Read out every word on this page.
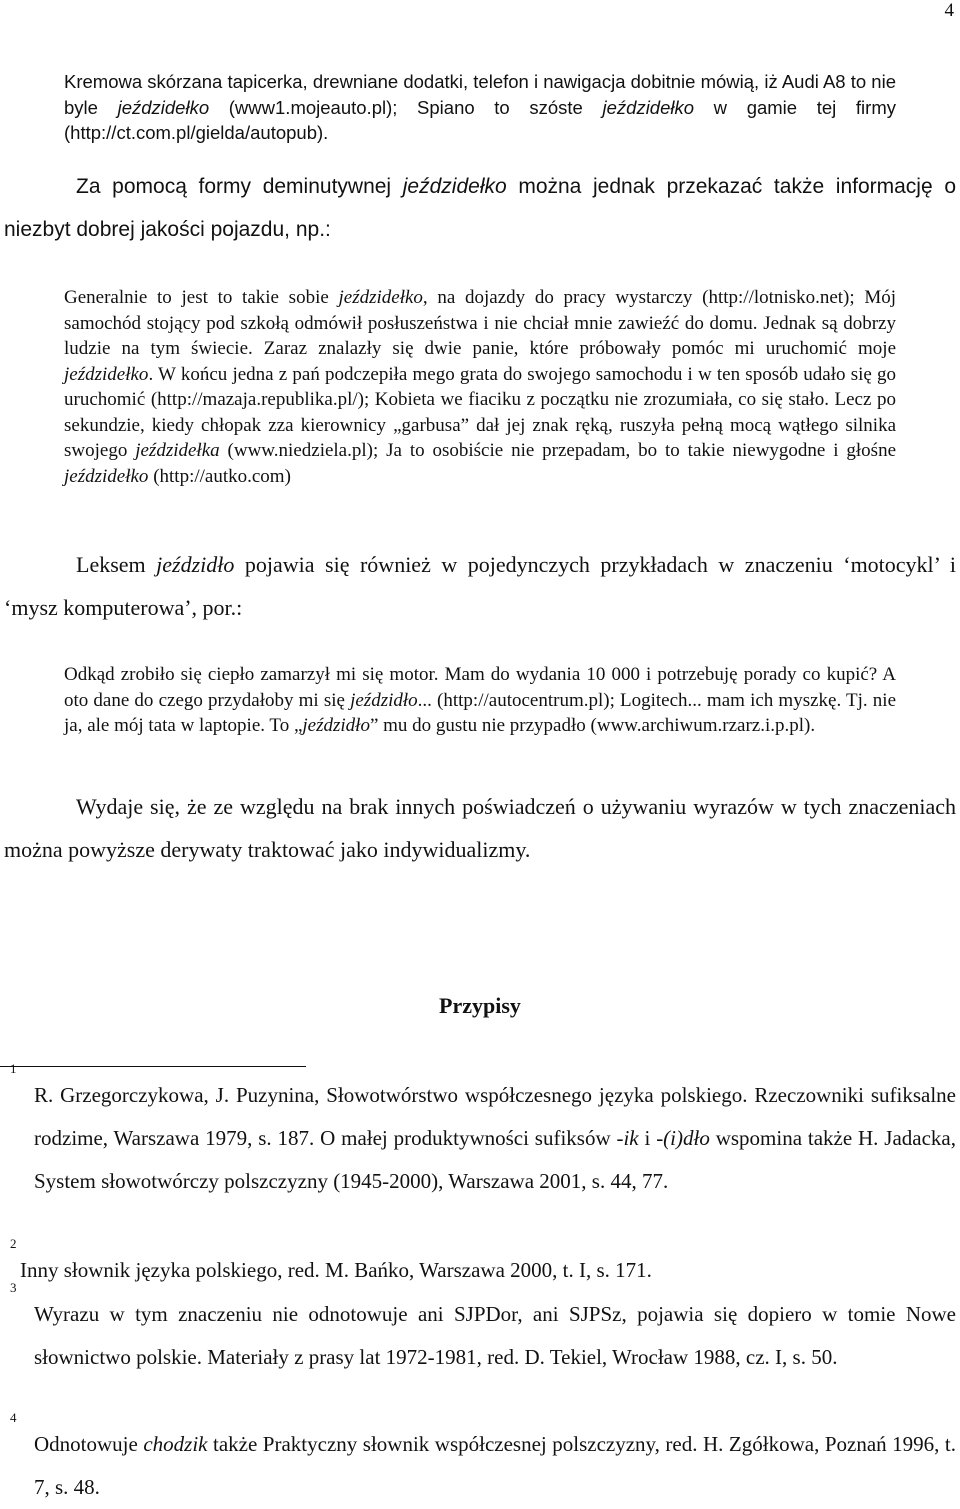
4
Kremowa skórzana tapicerka, drewniane dodatki, telefon i nawigacja dobitnie mówią, iż Audi A8 to nie byle jeździdełko (www1.mojeauto.pl); Spiano to szóste jeździdełko w gamie tej firmy (http://ct.com.pl/gielda/autopub).
Za pomocą formy deminutywnej jeździdełko można jednak przekazać także informację o niezbyt dobrej jakości pojazdu, np.:
Generalnie to jest to takie sobie jeździdełko, na dojazdy do pracy wystarczy (http://lotnisko.net); Mój samochód stojący pod szkołą odmówił posłuszeństwa i nie chciał mnie zawieźć do domu. Jednak są dobrzy ludzie na tym świecie. Zaraz znalazły się dwie panie, które próbowały pomóc mi uruchomić moje jeździdełko. W końcu jedna z pań podczepiła mego grata do swojego samochodu i w ten sposób udało się go uruchomić (http://mazaja.republika.pl/); Kobieta we fiaciku z początku nie zrozumiała, co się stało. Lecz po sekundzie, kiedy chłopak zza kierownicy „garbusa” dał jej znak ręką, ruszyła pełną mocą wątłego silnika swojego jeździdełka (www.niedziela.pl); Ja to osobiście nie przepadam, bo to takie niewygodne i głośne jeździdełko (http://autko.com)
Leksem jeździdło pojawia się również w pojedynczych przykładach w znaczeniu ‘motocykl’ i ‘mysz komputerowa’, por.:
Odkąd zrobiło się ciepło zamarzył mi się motor. Mam do wydania 10 000 i potrzebuję porady co kupić? A oto dane do czego przydałoby mi się jeździdło... (http://autocentrum.pl); Logitech... mam ich myszkę. Tj. nie ja, ale mój tata w laptopie. To „jeździdło” mu do gustu nie przypadło (www.archiwum.rzarz.i.p.pl).
Wydaje się, że ze względu na brak innych poświadczeń o używaniu wyrazów w tych znaczeniach można powyższe derywaty traktować jako indywidualizmy.
Przypisy
1
R. Grzegorczykowa, J. Puzynina, Słowotwórstwo współczesnego języka polskiego. Rzeczowniki sufiksalne rodzime, Warszawa 1979, s. 187. O małej produktywności sufiksów -ik i -(i)dło wspomina także H. Jadacka, System słowotwórczy polszczyzny (1945-2000), Warszawa 2001, s. 44, 77.
2
Inny słownik języka polskiego, red. M. Bańko, Warszawa 2000, t. I, s. 171.
3
Wyrazu w tym znaczeniu nie odnotowuje ani SJPDor, ani SJPSz, pojawia się dopiero w tomie Nowe słownictwo polskie. Materiały z prasy lat 1972-1981, red. D. Tekiel, Wrocław 1988, cz. I, s. 50.
4
Odnotowuje chodzik także Praktyczny słownik współczesnej polszczyzny, red. H. Zgółkowa, Poznań 1996, t. 7, s. 48.
